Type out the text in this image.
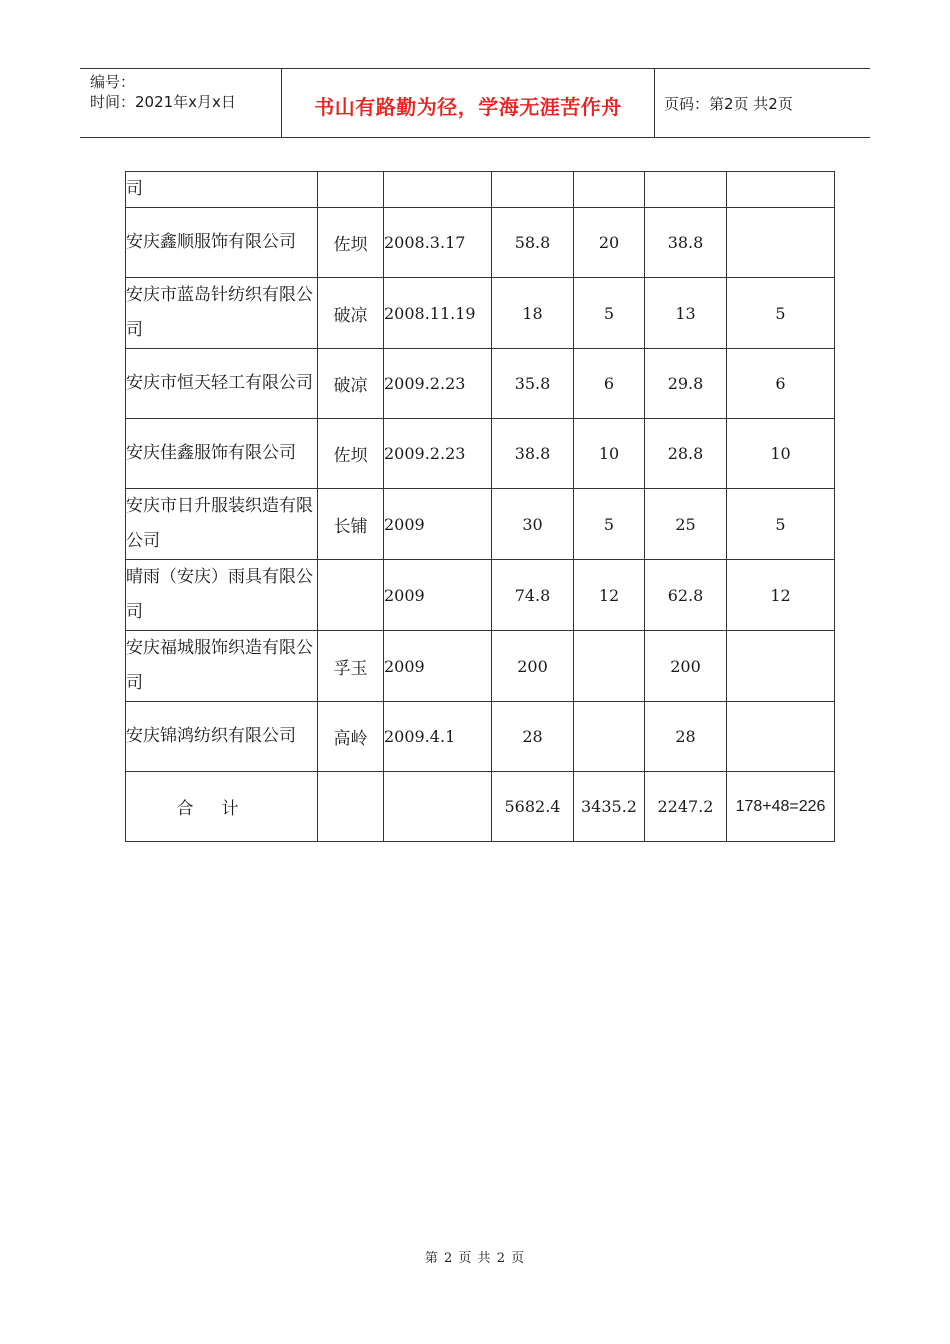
编号：
时间：2021年x月x日	书山有路勤为径，学海无涯苦作舟	页码：第2页 共2页
司						
安庆鑫顺服饰有限公司	佐坝	2008.3.17	58.8	20	38.8	
安庆市蓝岛针纺织有限公司	破凉	2008.11.19	18	5	13	5
安庆市恒天轻工有限公司	破凉	2009.2.23	35.8	6	29.8	6
安庆佳鑫服饰有限公司	佐坝	2009.2.23	38.8	10	28.8	10
安庆市日升服装织造有限公司	长铺	2009	30	5	25	5
晴雨（安庆）雨具有限公司		2009	74.8	12	62.8	12
安庆福城服饰织造有限公司	孚玉	2009	200		200	
安庆锦鸿纺织有限公司	高岭	2009.4.1	28		28	
合计			5682.4	3435.2	2247.2	178+48=226
第 2 页 共 2 页
